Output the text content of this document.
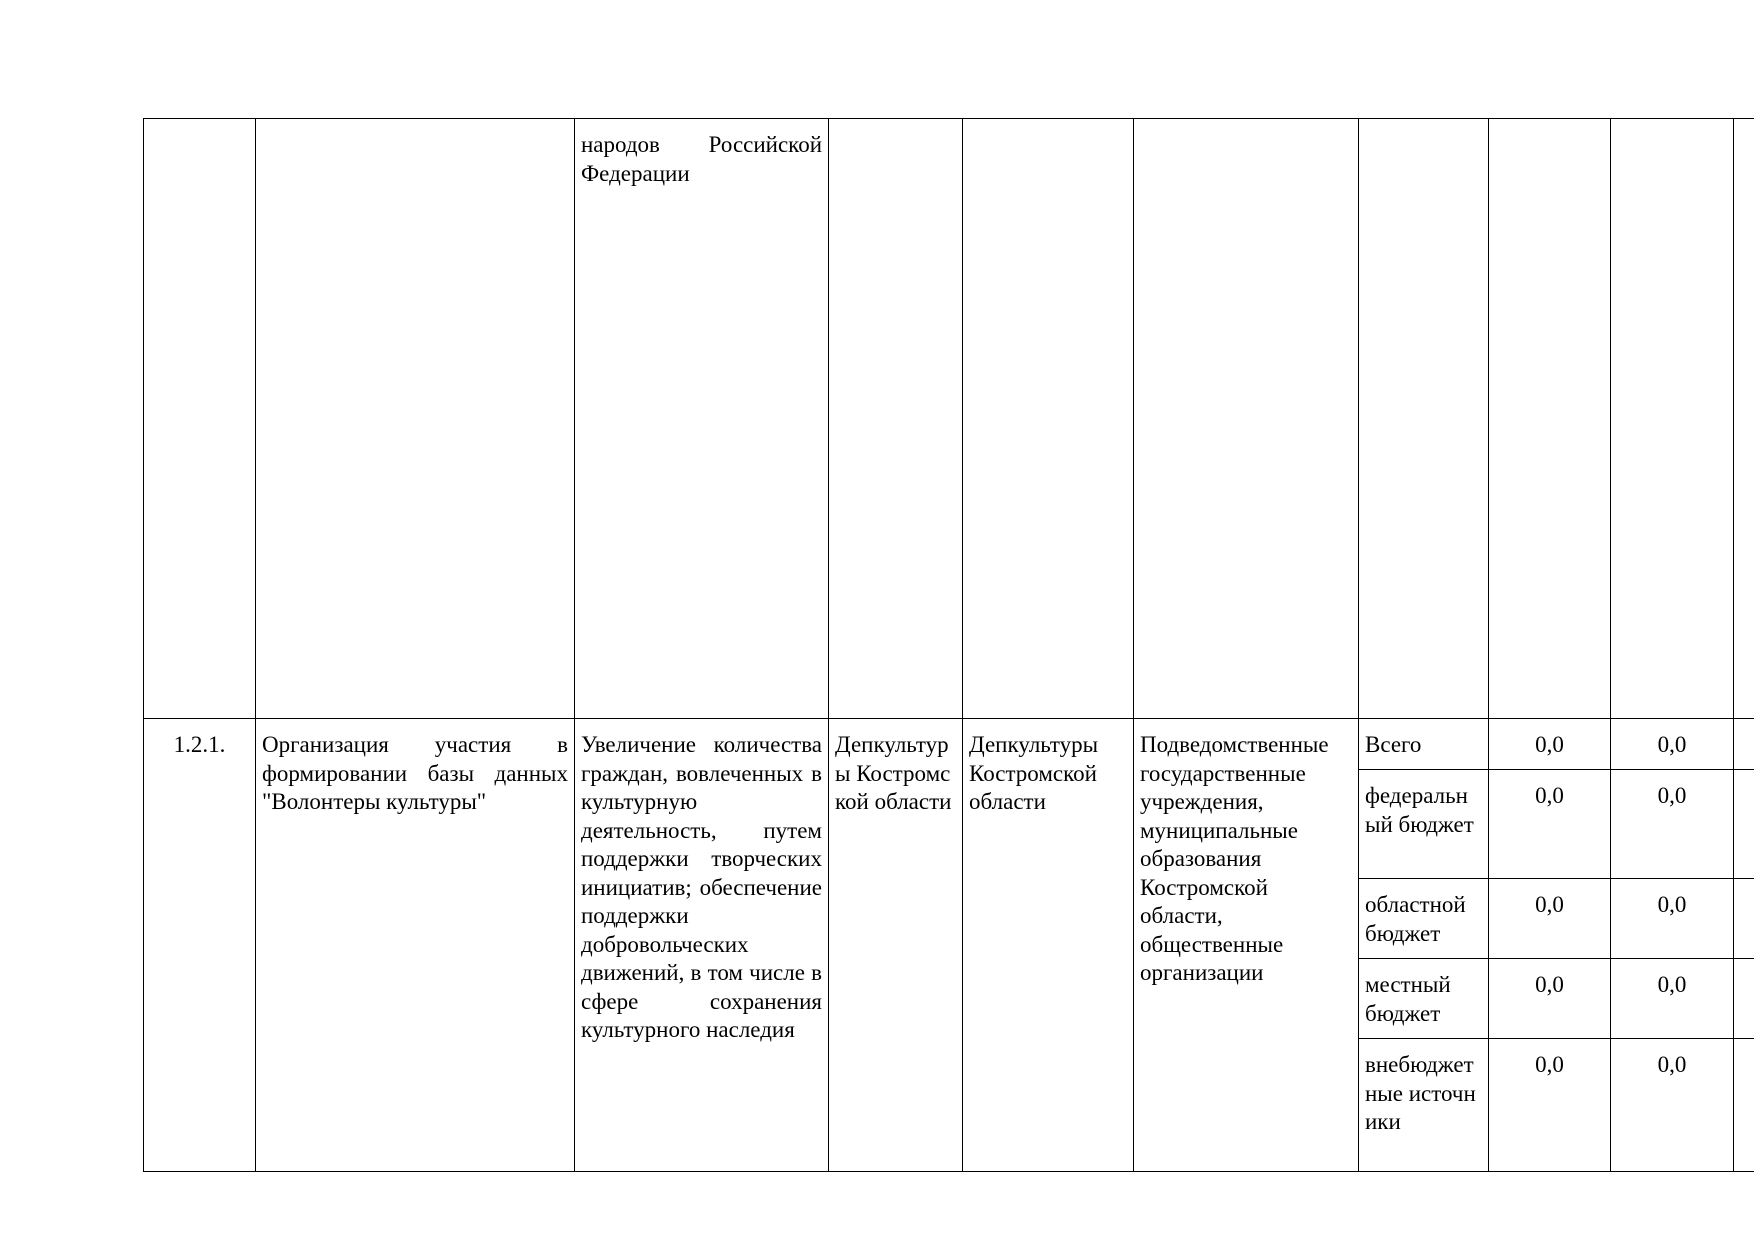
		народов Российской Федерации							
1.2.1.	Организация участия в формировании базы данных "Волонтеры культуры"	Увеличение количества граждан, вовлеченных в культурную деятельность, путем поддержки творческих инициатив; обеспечение поддержки добровольческих движений, в том числе в сфере сохранения культурного наследия	Депкультуры Костромской области	Депкультуры Костромской области	Подведомственные государственные учреждения, муниципальные образования Костромской области, общественные организации	Всего	0,0	0,0	
						федеральный бюджет	0,0	0,0	
						областной бюджет	0,0	0,0	
						местный бюджет	0,0	0,0	
						внебюджетные источники	0,0	0,0	
